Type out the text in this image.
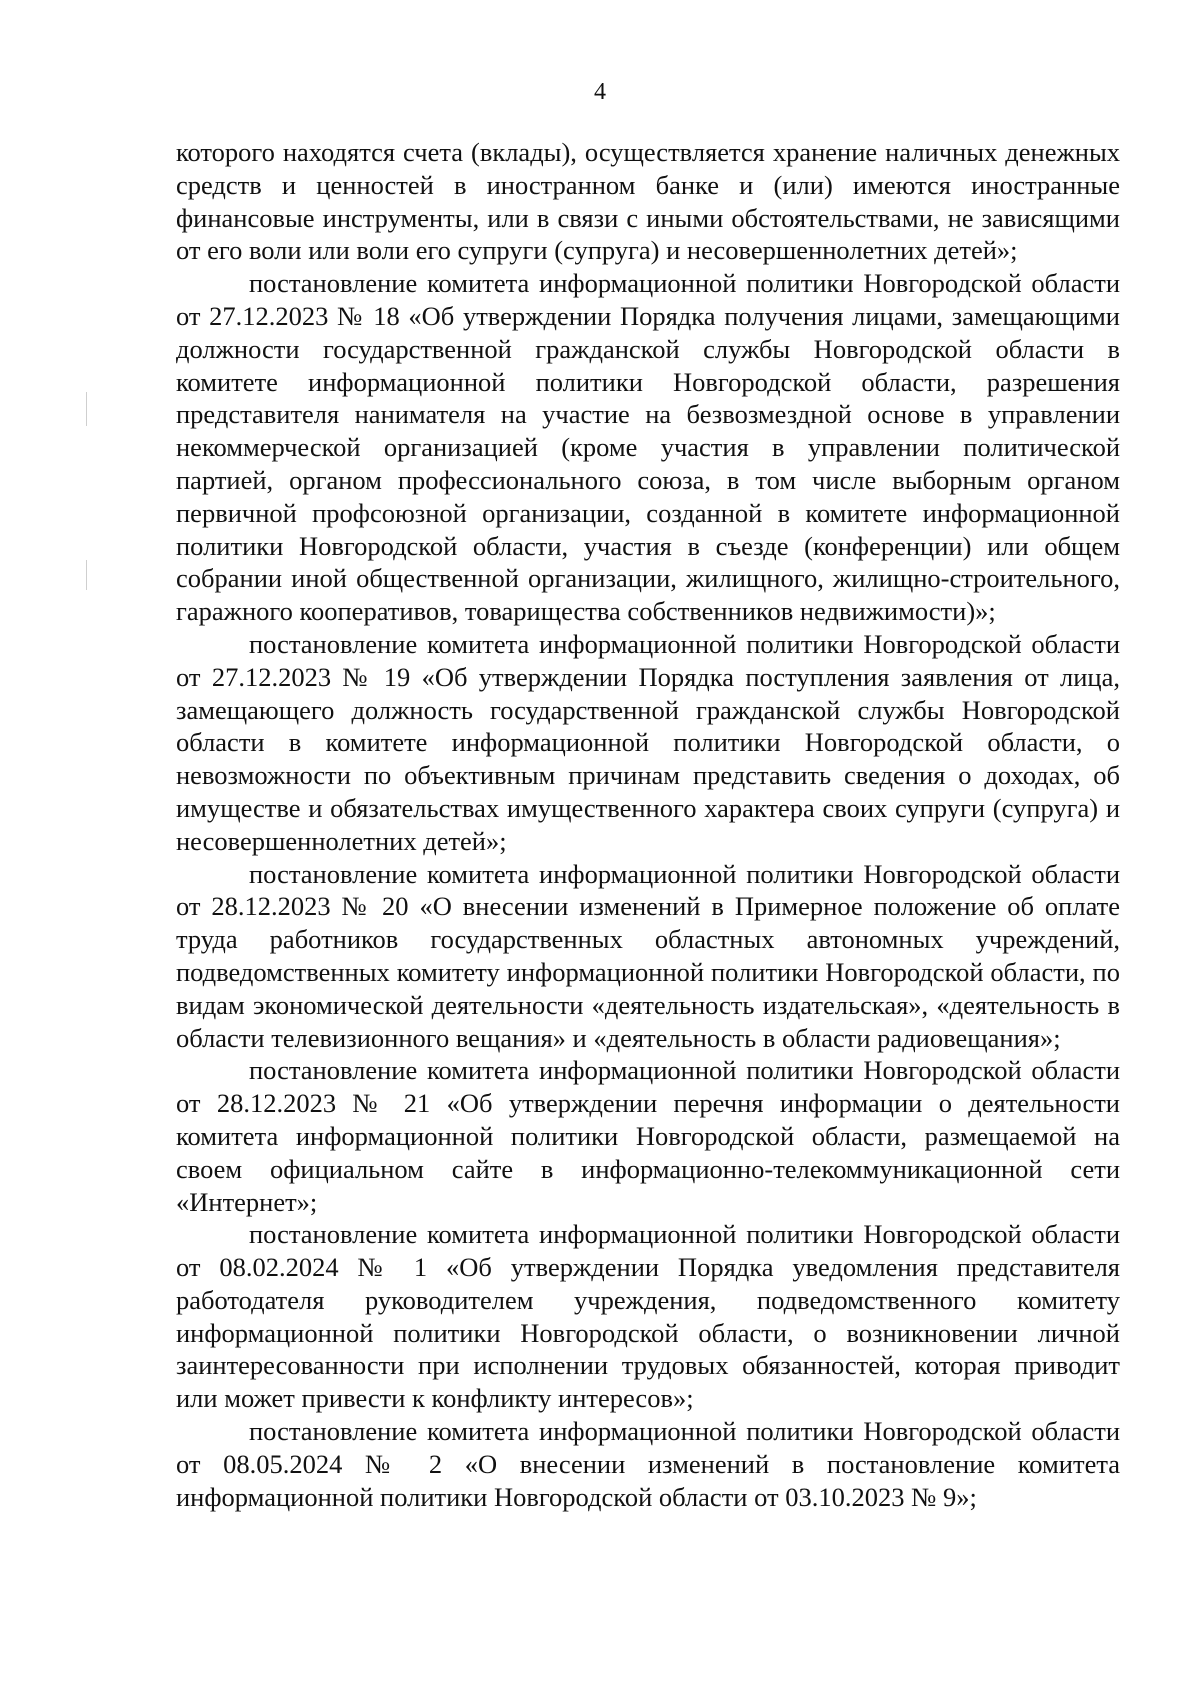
4

которого находятся счета (вклады), осуществляется хранение наличных денежных средств и ценностей в иностранном банке и (или) имеются иностранные финансовые инструменты, или в связи с иными обстоятельствами, не зависящими от его воли или воли его супруги (супруга) и несовершеннолетних детей»;

постановление комитета информационной политики Новгородской области от 27.12.2023 № 18 «Об утверждении Порядка получения лицами, замещающими должности государственной гражданской службы Новгородской области в комитете информационной политики Новгородской области, разрешения представителя нанимателя на участие на безвозмездной основе в управлении некоммерческой организацией (кроме участия в управлении политической партией, органом профессионального союза, в том числе выборным органом первичной профсоюзной организации, созданной в комитете информационной политики Новгородской области, участия в съезде (конференции) или общем собрании иной общественной организации, жилищного, жилищно-строительного, гаражного кооперативов, товарищества собственников недвижимости)»;

постановление комитета информационной политики Новгородской области от 27.12.2023 № 19 «Об утверждении Порядка поступления заявления от лица, замещающего должность государственной гражданской службы Новгородской области в комитете информационной политики Новгородской области, о невозможности по объективным причинам представить сведения о доходах, об имуществе и обязательствах имущественного характера своих супруги (супруга) и несовершеннолетних детей»;

постановление комитета информационной политики Новгородской области от 28.12.2023 № 20 «О внесении изменений в Примерное положение об оплате труда работников государственных областных автономных учреждений, подведомственных комитету информационной политики Новгородской области, по видам экономической деятельности «деятельность издательская», «деятельность в области телевизионного вещания» и «деятельность в области радиовещания»;

постановление комитета информационной политики Новгородской области от 28.12.2023 № 21 «Об утверждении перечня информации о деятельности комитета информационной политики Новгородской области, размещаемой на своем официальном сайте в информационно-телекоммуникационной сети «Интернет»;

постановление комитета информационной политики Новгородской области от 08.02.2024 № 1 «Об утверждении Порядка уведомления представителя работодателя руководителем учреждения, подведомственного комитету информационной политики Новгородской области, о возникновении личной заинтересованности при исполнении трудовых обязанностей, которая приводит или может привести к конфликту интересов»;

постановление комитета информационной политики Новгородской области от 08.05.2024 № 2 «О внесении изменений в постановление комитета информационной политики Новгородской области от 03.10.2023 № 9»;
